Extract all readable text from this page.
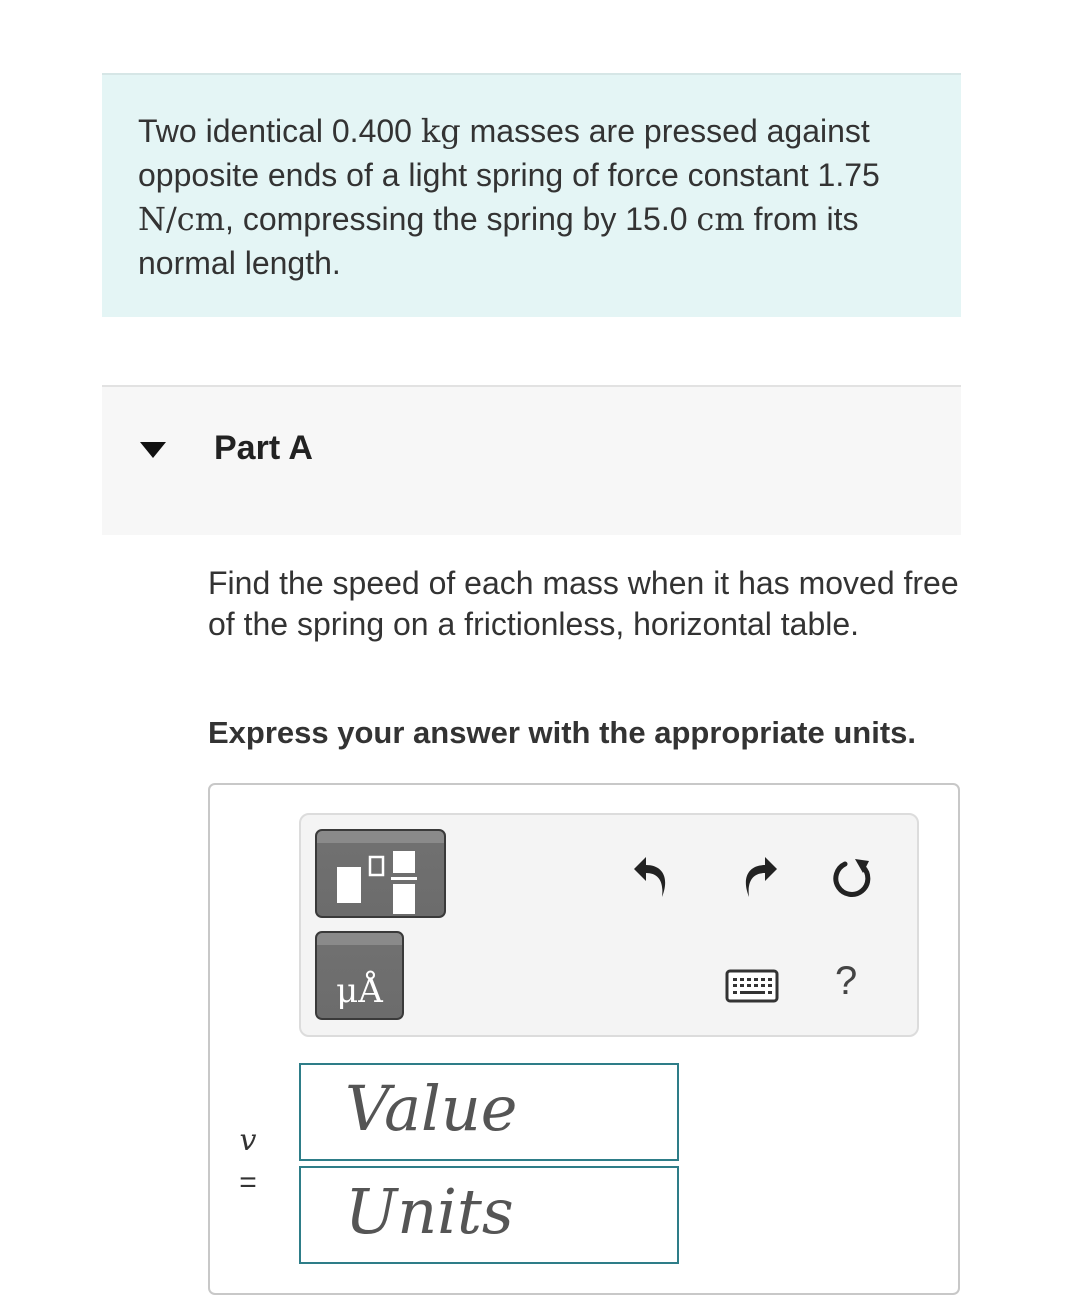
Two identical 0.400 kg masses are pressed against opposite ends of a light spring of force constant 1.75 N/cm, compressing the spring by 15.0 cm from its normal length.
Part A
Find the speed of each mass when it has moved free of the spring on a frictionless, horizontal table.
Express your answer with the appropriate units.
μÅ	?
v
=
Value
Units
